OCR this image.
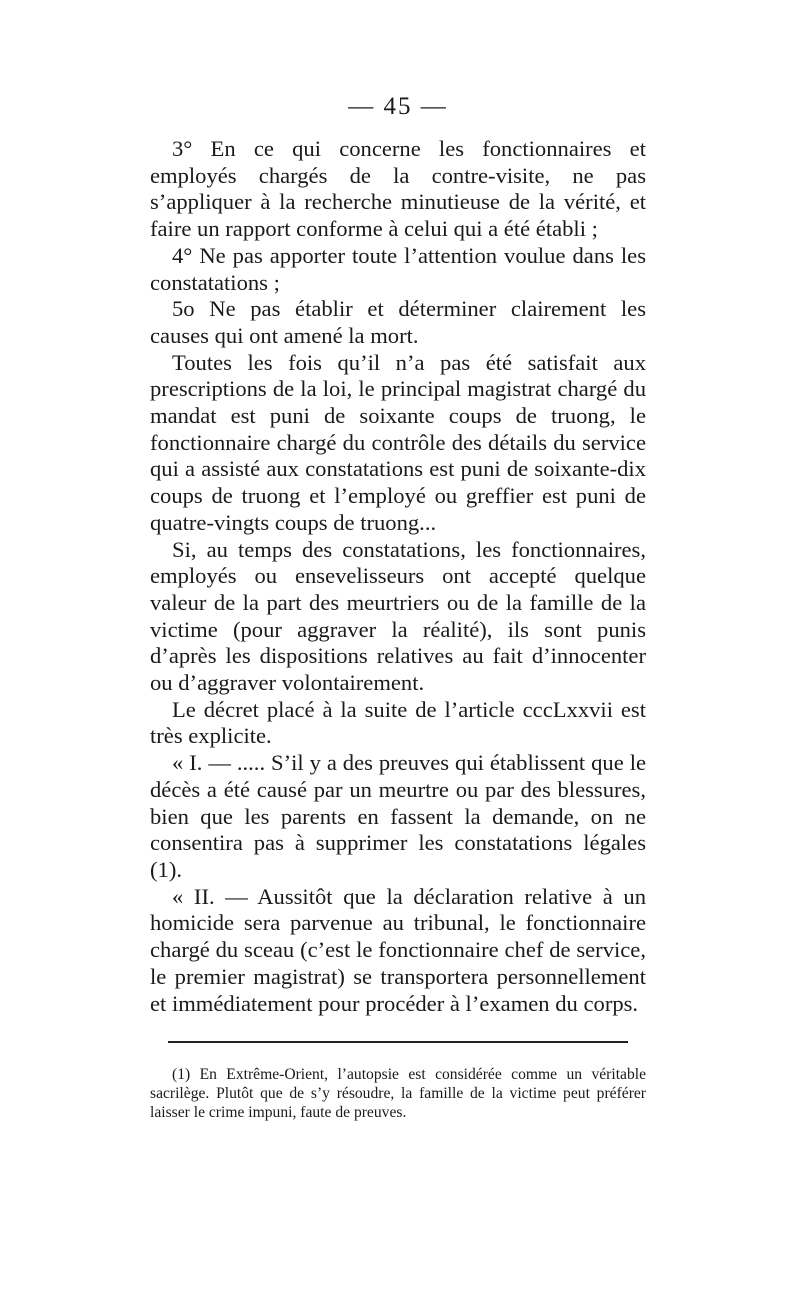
— 45 —

3° En ce qui concerne les fonctionnaires et employés chargés de la contre-visite, ne pas s’appliquer à la recherche minutieuse de la vérité, et faire un rapport conforme à celui qui a été établi ;

4° Ne pas apporter toute l’attention voulue dans les constatations ;

5o Ne pas établir et déterminer clairement les causes qui ont amené la mort.

Toutes les fois qu’il n’a pas été satisfait aux prescriptions de la loi, le principal magistrat chargé du mandat est puni de soixante coups de truong, le fonctionnaire chargé du contrôle des détails du service qui a assisté aux constatations est puni de soixante-dix coups de truong et l’employé ou greffier est puni de quatre-vingts coups de truong...

Si, au temps des constatations, les fonctionnaires, employés ou ensevelisseurs ont accepté quelque valeur de la part des meurtriers ou de la famille de la victime (pour aggraver la réalité), ils sont punis d’après les dispositions relatives au fait d’innocenter ou d’aggraver volontairement.

Le décret placé à la suite de l’article cccLxxvii est très explicite.

« I. — ..... S’il y a des preuves qui établissent que le décès a été causé par un meurtre ou par des blessures, bien que les parents en fassent la demande, on ne consentira pas à supprimer les constatations légales (1).

« II. — Aussitôt que la déclaration relative à un homicide sera parvenue au tribunal, le fonctionnaire chargé du sceau (c’est le fonctionnaire chef de service, le premier magistrat) se transportera personnellement et immédiatement pour procéder à l’examen du corps.

(1) En Extrême-Orient, l’autopsie est considérée comme un véritable sacrilège. Plutôt que de s’y résoudre, la famille de la victime peut préférer laisser le crime impuni, faute de preuves.
